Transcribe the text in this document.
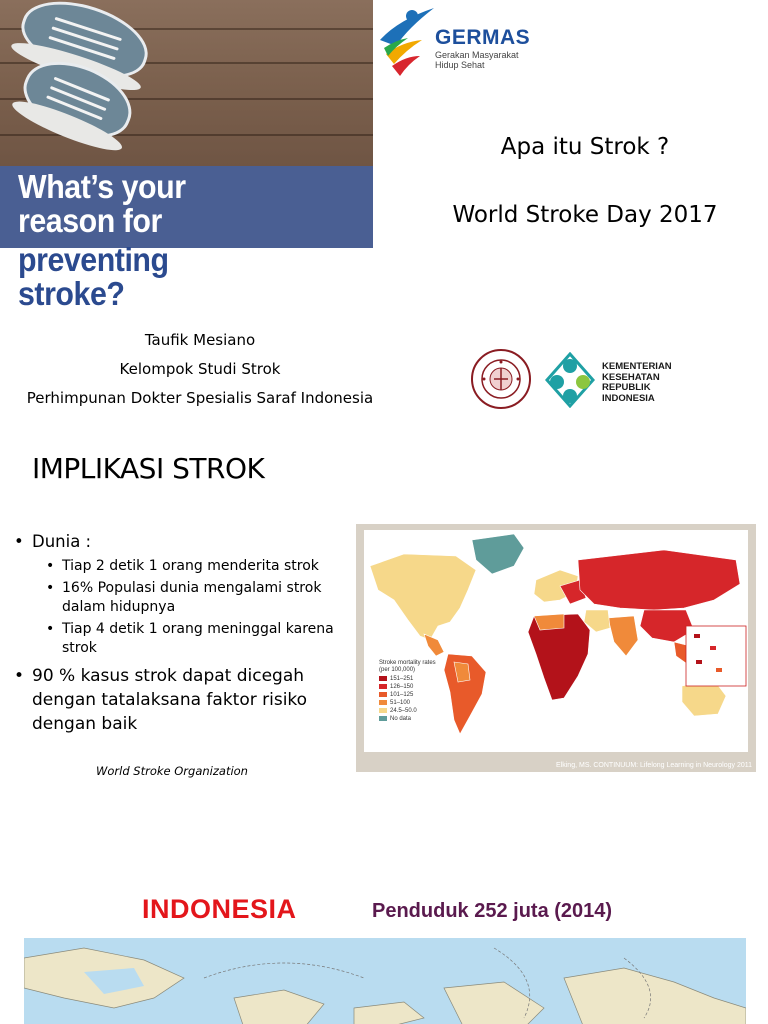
What’s your
reason for
preventing
stroke?
GERMAS
Gerakan Masyarakat
Hidup Sehat
Apa itu Strok ?
World Stroke Day 2017
Taufik Mesiano
Kelompok Studi Strok
Perhimpunan Dokter Spesialis Saraf Indonesia
KEMENTERIAN
KESEHATAN
REPUBLIK
INDONESIA
IMPLIKASI STROK
• Dunia :
• Tiap 2 detik 1 orang menderita strok
• 16% Populasi dunia mengalami strok dalam hidupnya
• Tiap 4 detik 1 orang meninggal karena strok
• 90 % kasus strok dapat dicegah dengan tatalaksana faktor risiko dengan baik
World Stroke Organization
Stroke mortality rates
(per 100,000)
151–251
126–150
101–125
51–100
24.5–50.0
No data
Elking, MS. CONTINUUM: Lifelong Learning in Neurology 2011
INDONESIA	Penduduk 252 juta (2014)
